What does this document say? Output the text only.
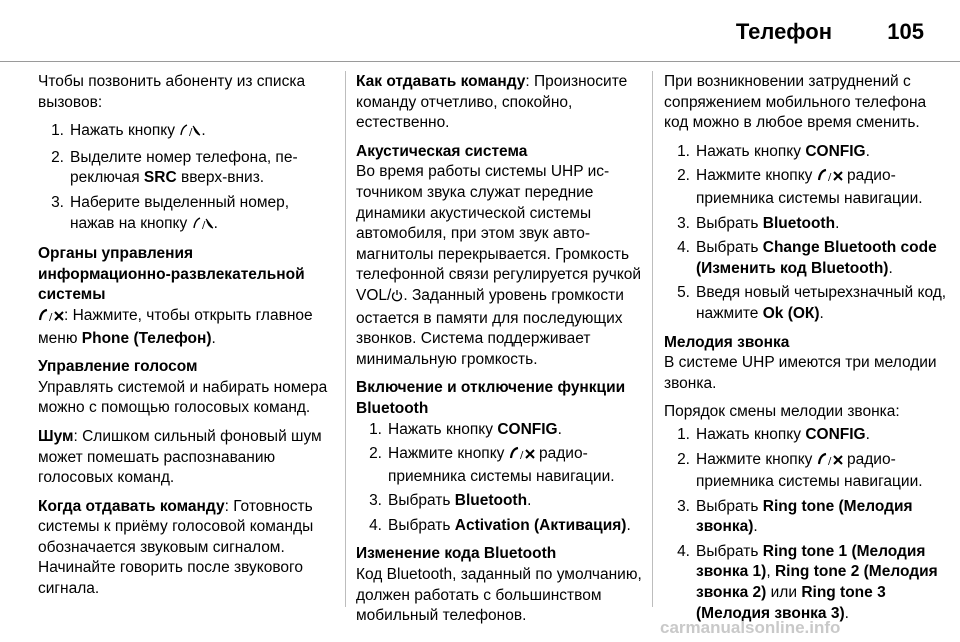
Телефон	105

Чтобы позвонить абоненту из списка вызовов:

1. Нажать кнопку / .
2. Выделите номер телефона, переключая SRC вверх-вниз.
3. Наберите выделенный номер, нажав на кнопку / .
Органы управления информационно-развлекательной системы

/ : Нажмите, чтобы открыть главное меню Phone (Телефон).

Управление голосом

Управлять системой и набирать номера можно с помощью голосовых команд.

Шум: Слишком сильный фоновый шум может помешать распознаванию голосовых команд.

Когда отдавать команду: Готовность системы к приёму голосовой команды обозначается звуковым сигналом. Начинайте говорить после звукового сигнала.

Как отдавать команду: Произносите команду отчетливо, спокойно, естественно.

Акустическая система

Во время работы системы UHP источником звука служат передние динамики акустической системы автомобиля, при этом звук автомагнитолы перекрывается. Громкость телефонной связи регулируется ручкой VOL/ . Заданный уровень громкости остается в памяти для последующих звонков. Система поддерживает минимальную громкость.

Включение и отключение функции Bluetooth
1. Нажать кнопку CONFIG.
2. Нажмите кнопку / радиоприемника системы навигации.
3. Выбрать Bluetooth.
4. Выбрать Activation (Активация).
Изменение кода Bluetooth

Код Bluetooth, заданный по умолчанию, должен работать с большинством мобильный телефонов.

При возникновении затруднений с сопряжением мобильного телефона код можно в любое время сменить.

1. Нажать кнопку CONFIG.
2. Нажмите кнопку / радиоприемника системы навигации.
3. Выбрать Bluetooth.
4. Выбрать Change Bluetooth code (Изменить код Bluetooth).
5. Введя новый четырехзначный код, нажмите Ok (ОК).
Мелодия звонка

В системе UHP имеются три мелодии звонка.

Порядок смены мелодии звонка:

1. Нажать кнопку CONFIG.
2. Нажмите кнопку / радиоприемника системы навигации.
3. Выбрать Ring tone (Мелодия звонка).
4. Выбрать Ring tone 1 (Мелодия звонка 1), Ring tone 2 (Мелодия звонка 2) или Ring tone 3 (Мелодия звонка 3).
carmanualsonline.info
